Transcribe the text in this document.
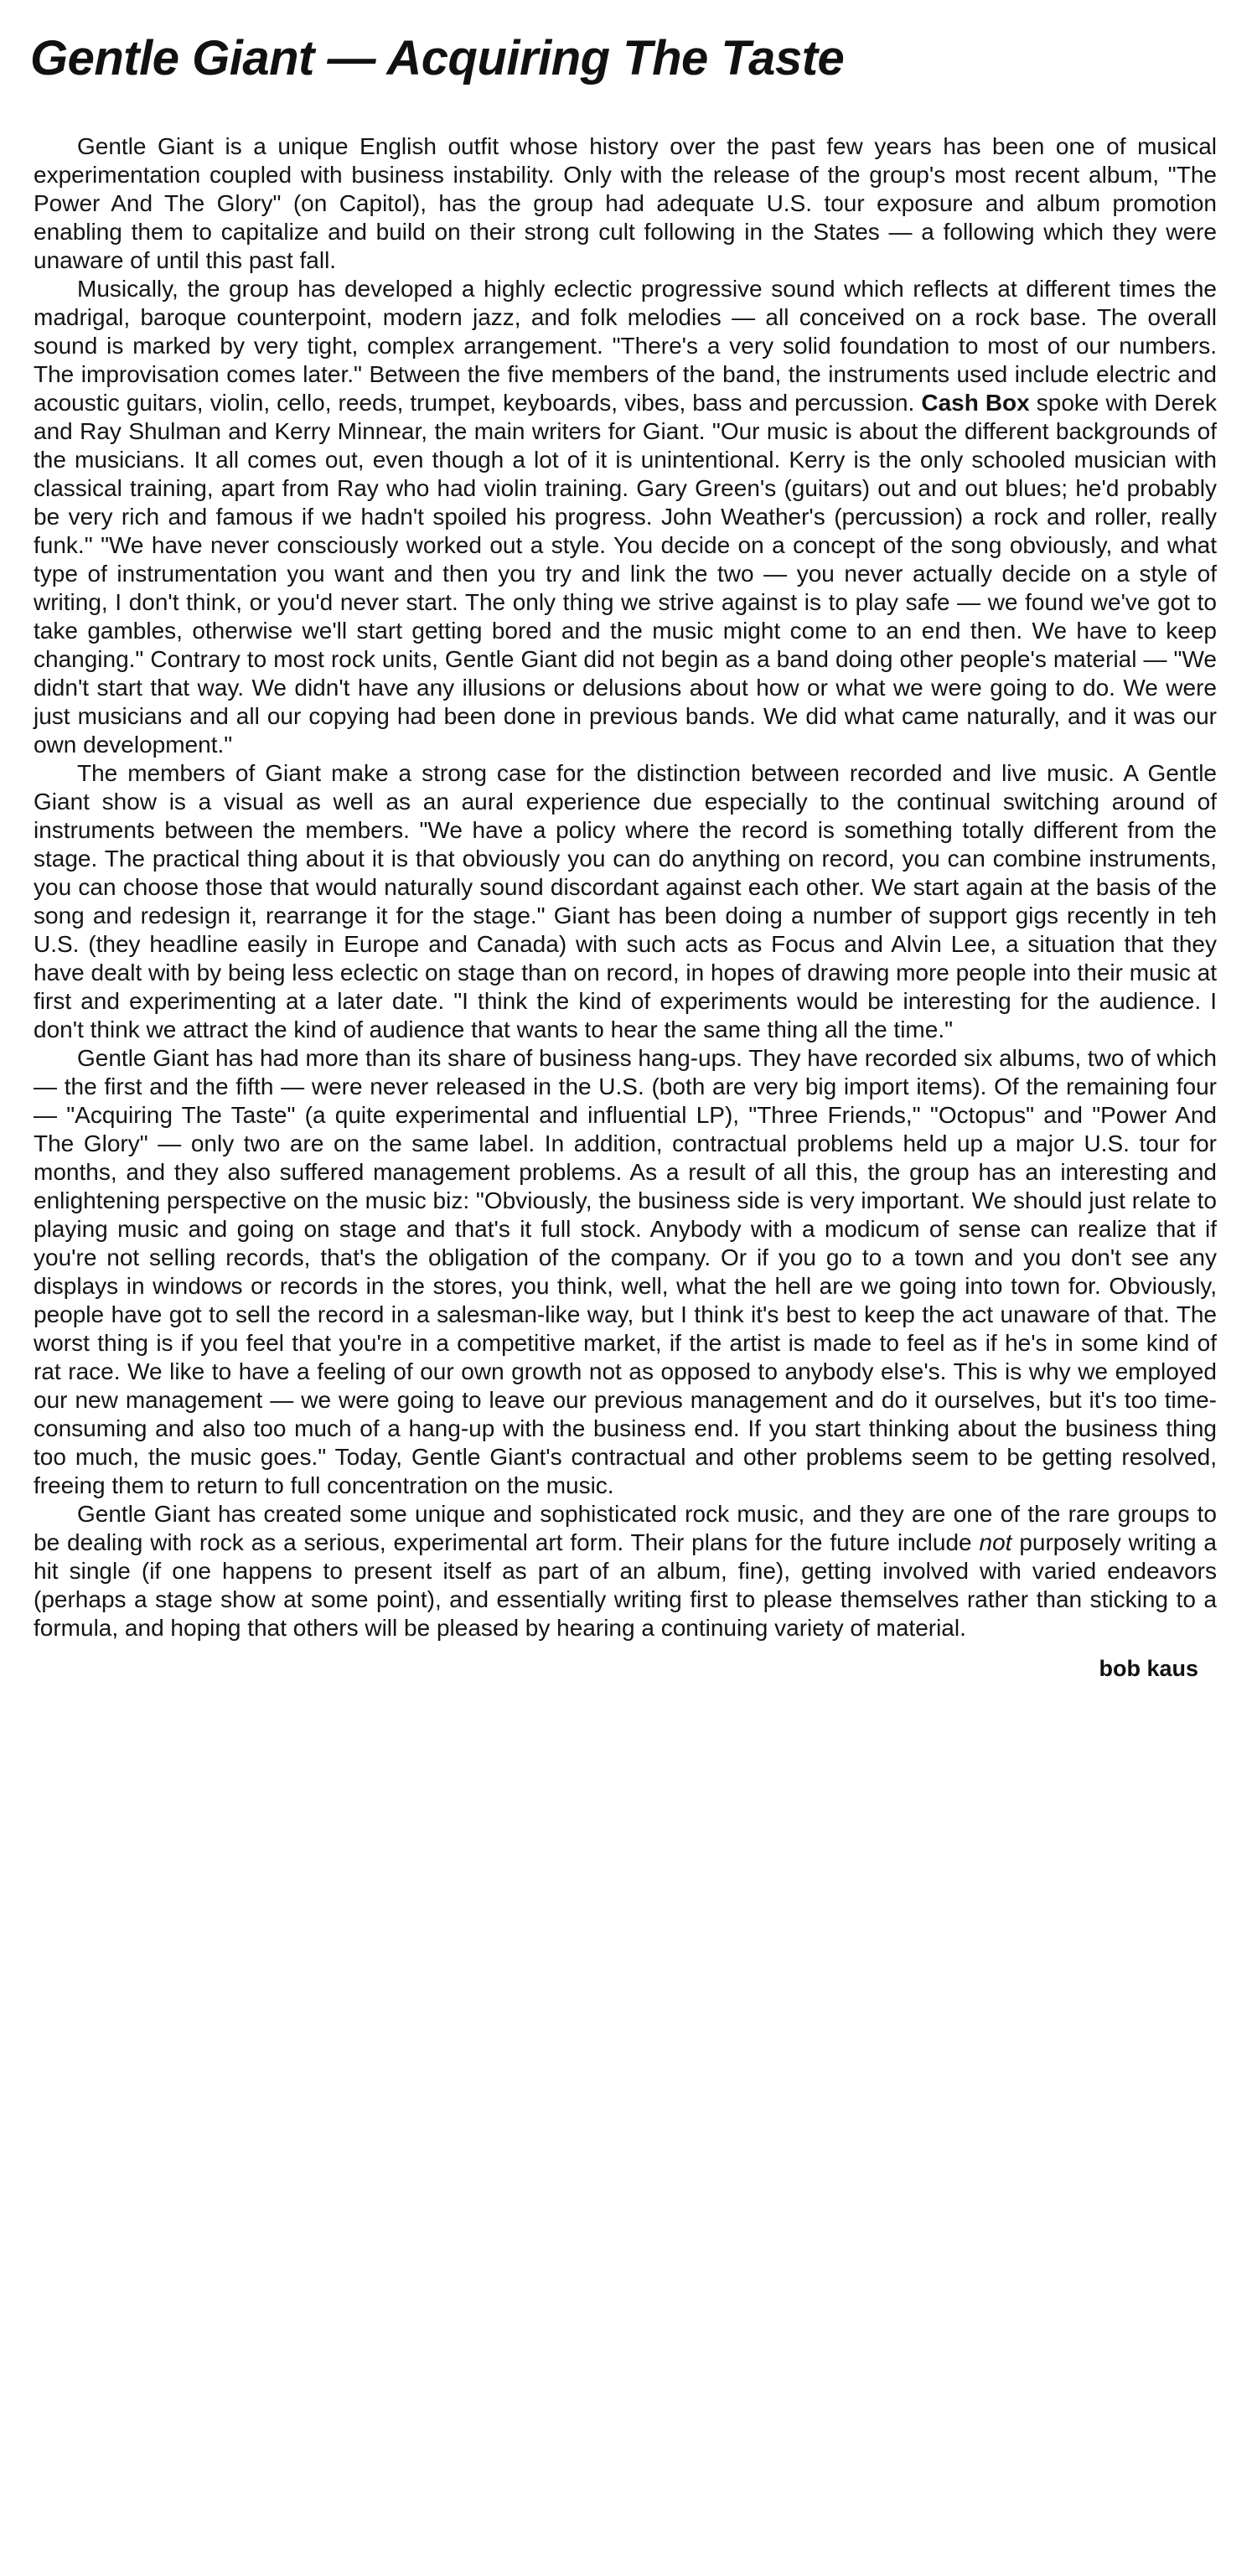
Gentle Giant — Acquiring The Taste

Gentle Giant is a unique English outfit whose history over the past few years has been one of musical experimentation coupled with business instability. Only with the release of the group's most recent album, "The Power And The Glory" (on Capitol), has the group had adequate U.S. tour exposure and album promotion enabling them to capitalize and build on their strong cult following in the States — a following which they were unaware of until this past fall.

Musically, the group has developed a highly eclectic progressive sound which reflects at different times the madrigal, baroque counterpoint, modern jazz, and folk melodies — all conceived on a rock base. The overall sound is marked by very tight, complex arrangement. "There's a very solid foundation to most of our numbers. The improvisation comes later." Between the five members of the band, the instruments used include electric and acoustic guitars, violin, cello, reeds, trumpet, keyboards, vibes, bass and percussion. Cash Box spoke with Derek and Ray Shulman and Kerry Minnear, the main writers for Giant. "Our music is about the different backgrounds of the musicians. It all comes out, even though a lot of it is unintentional. Kerry is the only schooled musician with classical training, apart from Ray who had violin training. Gary Green's (guitars) out and out blues; he'd probably be very rich and famous if we hadn't spoiled his progress. John Weather's (percussion) a rock and roller, really funk." "We have never consciously worked out a style. You decide on a concept of the song obviously, and what type of instrumentation you want and then you try and link the two — you never actually decide on a style of writing, I don't think, or you'd never start. The only thing we strive against is to play safe — we found we've got to take gambles, otherwise we'll start getting bored and the music might come to an end then. We have to keep changing." Contrary to most rock units, Gentle Giant did not begin as a band doing other people's material — "We didn't start that way. We didn't have any illusions or delusions about how or what we were going to do. We were just musicians and all our copying had been done in previous bands. We did what came naturally, and it was our own development."

The members of Giant make a strong case for the distinction between recorded and live music. A Gentle Giant show is a visual as well as an aural experience due especially to the continual switching around of instruments between the members. "We have a policy where the record is something totally different from the stage. The practical thing about it is that obviously you can do anything on record, you can combine instruments, you can choose those that would naturally sound discordant against each other. We start again at the basis of the song and redesign it, rearrange it for the stage." Giant has been doing a number of support gigs recently in teh U.S. (they headline easily in Europe and Canada) with such acts as Focus and Alvin Lee, a situation that they have dealt with by being less eclectic on stage than on record, in hopes of drawing more people into their music at first and experimenting at a later date. "I think the kind of experiments would be interesting for the audience. I don't think we attract the kind of audience that wants to hear the same thing all the time."

Gentle Giant has had more than its share of business hang-ups. They have recorded six albums, two of which — the first and the fifth — were never released in the U.S. (both are very big import items). Of the remaining four — "Acquiring The Taste" (a quite experimental and influential LP), "Three Friends," "Octopus" and "Power And The Glory" — only two are on the same label. In addition, contractual problems held up a major U.S. tour for months, and they also suffered management problems. As a result of all this, the group has an interesting and enlightening perspective on the music biz: "Obviously, the business side is very important. We should just relate to playing music and going on stage and that's it full stock. Anybody with a modicum of sense can realize that if you're not selling records, that's the obligation of the company. Or if you go to a town and you don't see any displays in windows or records in the stores, you think, well, what the hell are we going into town for. Obviously, people have got to sell the record in a salesman-like way, but I think it's best to keep the act unaware of that. The worst thing is if you feel that you're in a competitive market, if the artist is made to feel as if he's in some kind of rat race. We like to have a feeling of our own growth not as opposed to anybody else's. This is why we employed our new management — we were going to leave our previous management and do it ourselves, but it's too time-consuming and also too much of a hang-up with the business end. If you start thinking about the business thing too much, the music goes." Today, Gentle Giant's contractual and other problems seem to be getting resolved, freeing them to return to full concentration on the music.

Gentle Giant has created some unique and sophisticated rock music, and they are one of the rare groups to be dealing with rock as a serious, experimental art form. Their plans for the future include not purposely writing a hit single (if one happens to present itself as part of an album, fine), getting involved with varied endeavors (perhaps a stage show at some point), and essentially writing first to please themselves rather than sticking to a formula, and hoping that others will be pleased by hearing a continuing variety of material.

bob kaus
